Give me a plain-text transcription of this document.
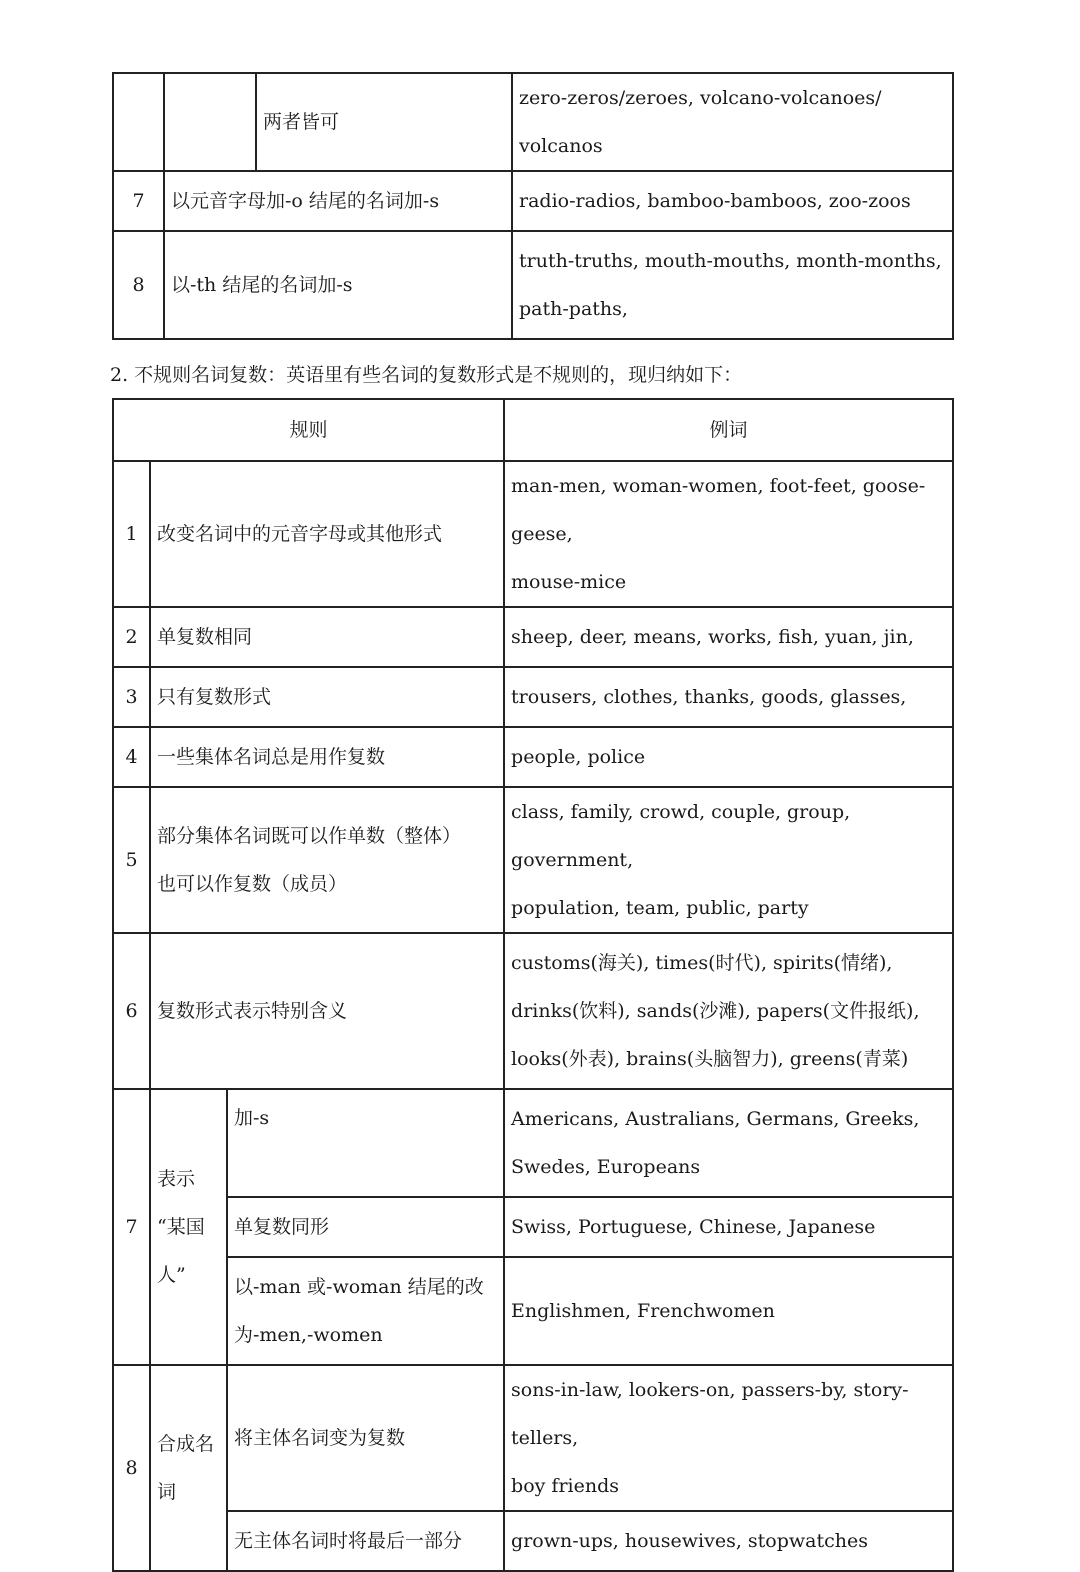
		两者皆可	zero-zeros/zeroes, volcano-volcanoes/ volcanos
7	以元音字母加-o 结尾的名词加-s		radio-radios, bamboo-bamboos, zoo-zoos
8	以-th 结尾的名词加-s		truth-truths, mouth-mouths, month-months,
path-paths,
2. 不规则名词复数：英语里有些名词的复数形式是不规则的，现归纳如下：
规则			例词
1	改变名词中的元音字母或其他形式		man-men, woman-women, foot-feet, goose-geese,
mouse-mice

2	单复数相同		sheep, deer, means, works, fish, yuan, jin,
3	只有复数形式		trousers, clothes, thanks, goods, glasses,
4	一些集体名词总是用作复数		people, police
5	部分集体名词既可以作单数（整体）
也可以作复数（成员）		class, family, crowd, couple, group, government,
population, team, public, party

6	复数形式表示特别含义		customs(海关), times(时代), spirits(情绪),
drinks(饮料), sands(沙滩), papers(文件报纸),
looks(外表), brains(头脑智力), greens(青菜)

7	表示
“某国
人”	加-s	Americans, Australians, Germans, Greeks,
Swedes, Europeans

		单复数同形	Swiss, Portuguese, Chinese, Japanese

		以-man 或-woman 结尾的改
为-men,-women	Englishmen, Frenchwomen
8	合成名
词	将主体名词变为复数	sons-in-law, lookers-on, passers-by, story-tellers,
boy friends

		无主体名词时将最后一部分	grown-ups, housewives, stopwatches
